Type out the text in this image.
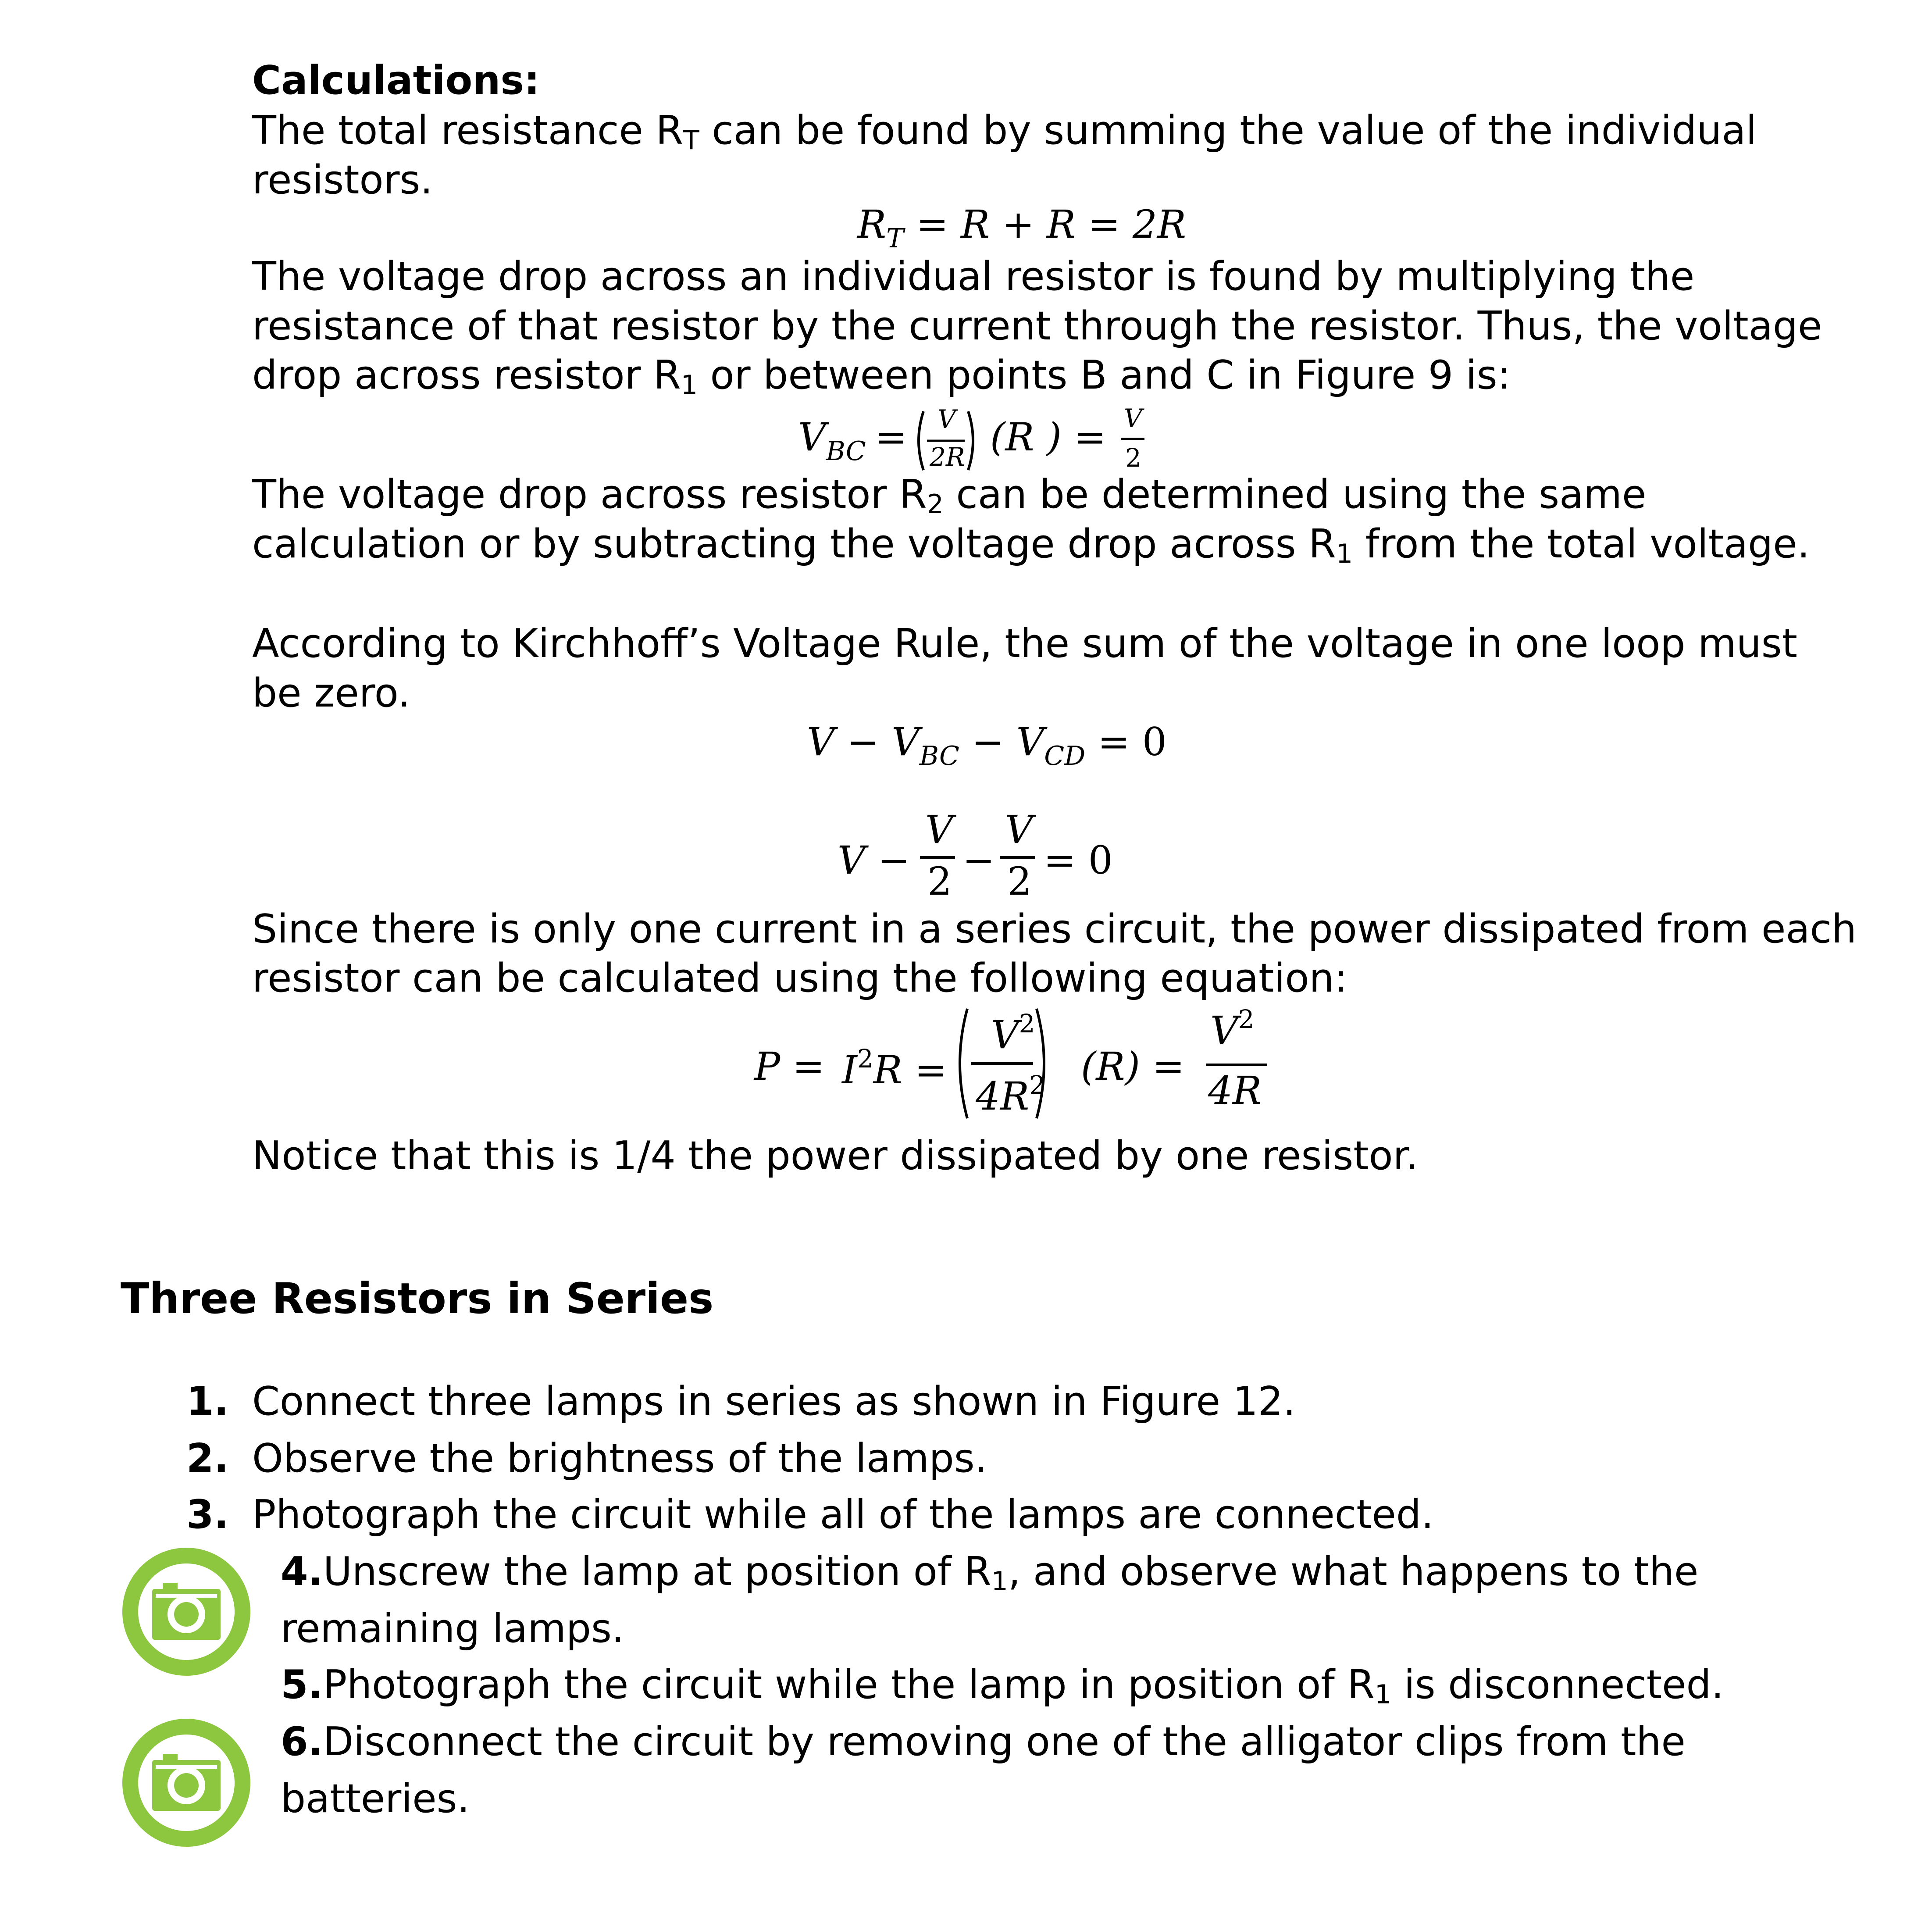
Calculations:
The total resistance RT can be found by summing the value of the individual
resistors.
$R_T = R + R = 2R$
The voltage drop across an individual resistor is found by multiplying the
resistance of that resistor by the current through the resistor. Thus, the voltage
drop across resistor R1 or between points B and C in Figure 9 is:
$V_{BC} = V$
2R (R ) = V
2
The voltage drop across resistor R2 can be determined using the same
calculation or by subtracting the voltage drop across R1 from the total voltage.
According to Kirchhoff’s Voltage Rule, the sum of the voltage in one loop must
be zero.
$V - V_{BC} - V_{CD} = 0$
V −
V
2 −
V
2 = 0
Since there is only one current in a series circuit, the power dissipated from each
resistor can be calculated using the following equation:
$P = I^2R$ =
$V^2$
$4R^2$ (R) =
$V^2$
4R
Notice that this is 1/4 the power dissipated by one resistor.
Three Resistors in Series
1. Connect three lamps in series as shown in Figure 12.
2. Observe the brightness of the lamps.
3. Photograph the circuit while all of the lamps are connected.
4.Unscrew the lamp at position of R1, and observe what happens to the
remaining lamps.
5.Photograph the circuit while the lamp in position of R1 is disconnected.
6.Disconnect the circuit by removing one of the alligator clips from the
batteries.
